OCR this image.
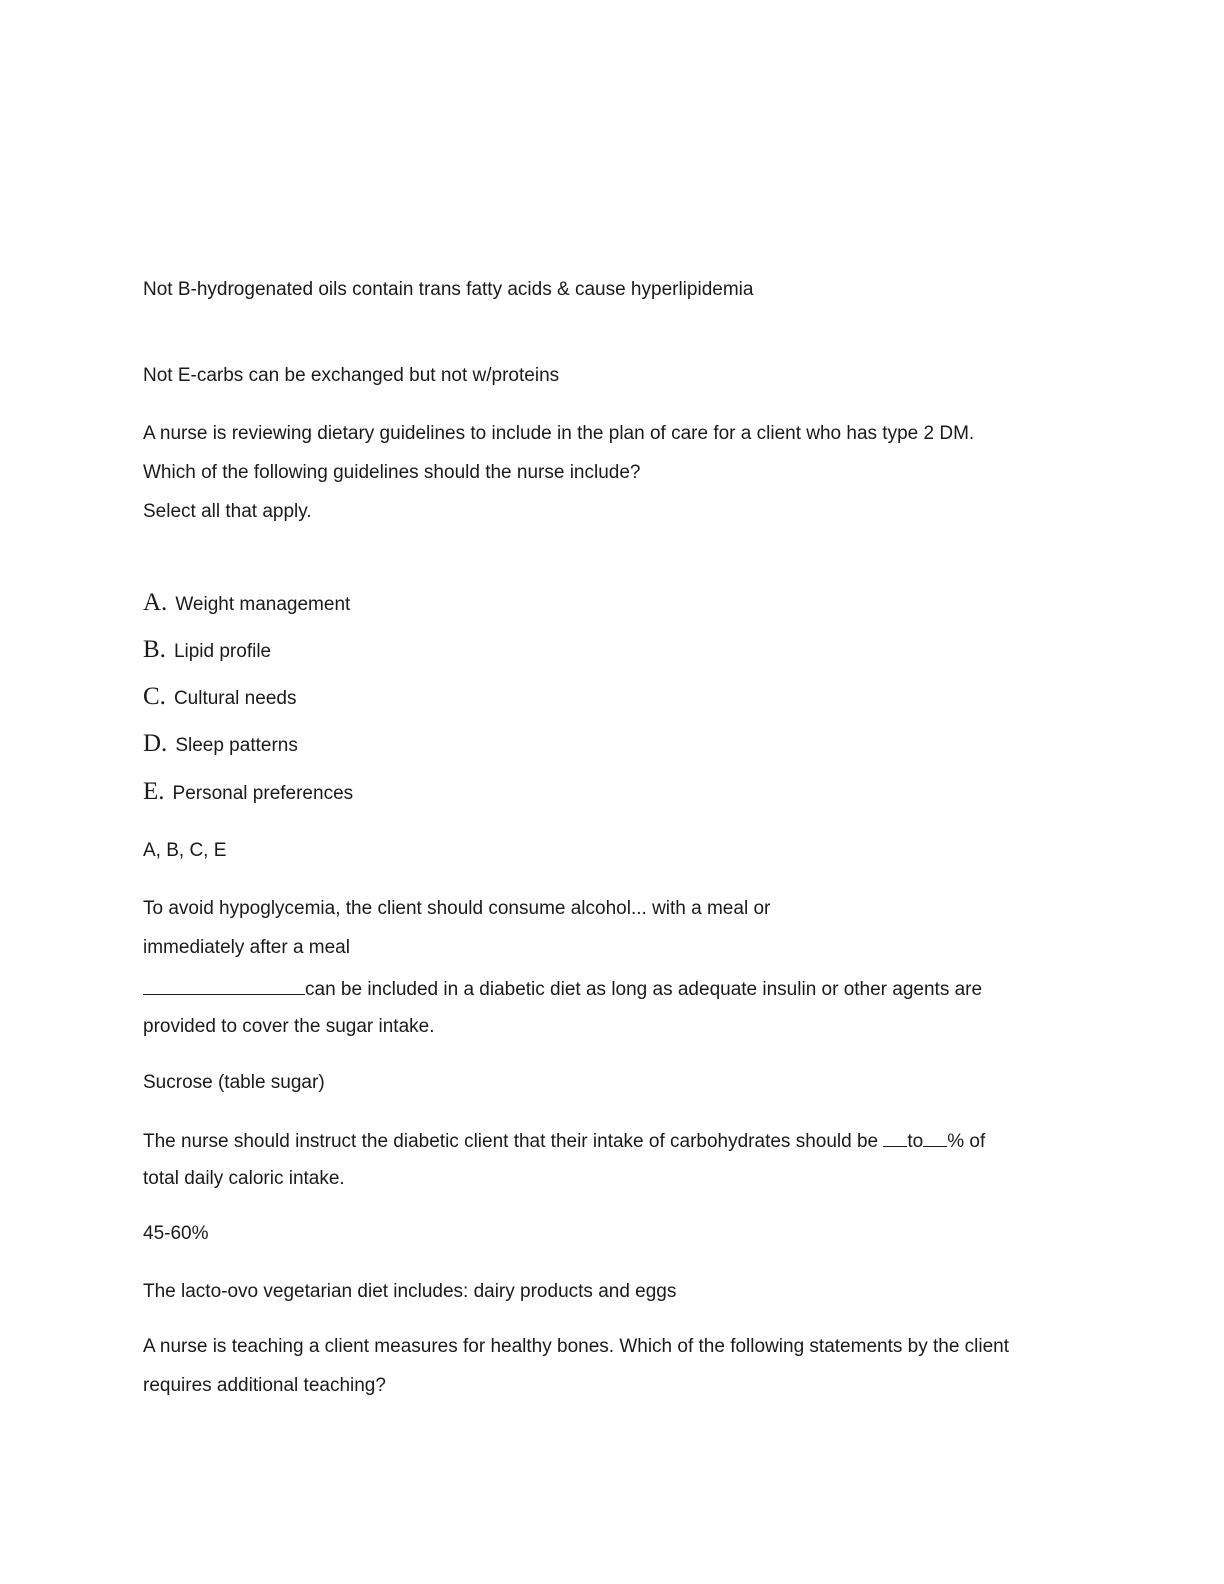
Not B-hydrogenated oils contain trans fatty acids & cause hyperlipidemia
Not E-carbs can be exchanged but not w/proteins
A nurse is reviewing dietary guidelines to include in the plan of care for a client who has type 2 DM.
Which of the following guidelines should the nurse include?
Select all that apply.
A. Weight management
B. Lipid profile
C. Cultural needs
D. Sleep patterns
E. Personal preferences
A, B, C, E
To avoid hypoglycemia, the client should consume alcohol... with a meal or
immediately after a meal
can be included in a diabetic diet as long as adequate insulin or other agents are
provided to cover the sugar intake.
Sucrose (table sugar)
The nurse should instruct the diabetic client that their intake of carbohydrates should be to % of
total daily caloric intake.
45-60%
The lacto-ovo vegetarian diet includes: dairy products and eggs
A nurse is teaching a client measures for healthy bones. Which of the following statements by the client
requires additional teaching?
